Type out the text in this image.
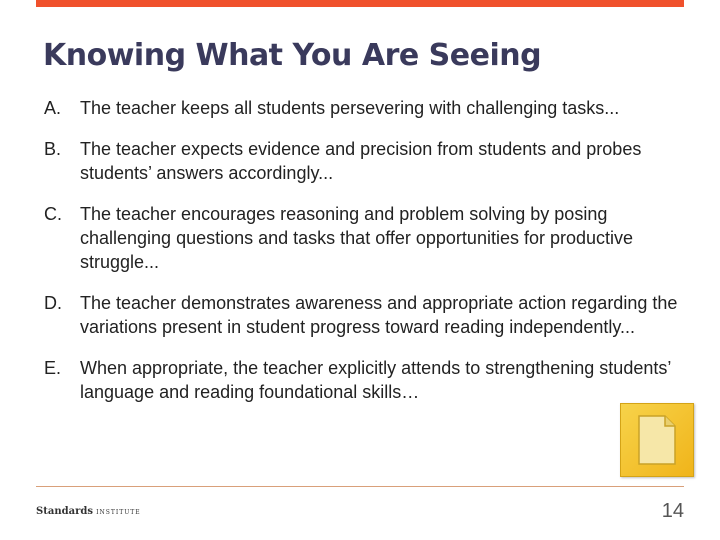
Knowing What You Are Seeing
A. The teacher keeps all students persevering with challenging tasks...
B. The teacher expects evidence and precision from students and probes students’ answers accordingly...
C. The teacher encourages reasoning and problem solving by posing challenging questions and tasks that offer opportunities for productive struggle...
D. The teacher demonstrates awareness and appropriate action regarding the variations present in student progress toward reading independently...
E. When appropriate, the teacher explicitly attends to strengthening students’ language and reading foundational skills…
Standards INSTITUTE	14
